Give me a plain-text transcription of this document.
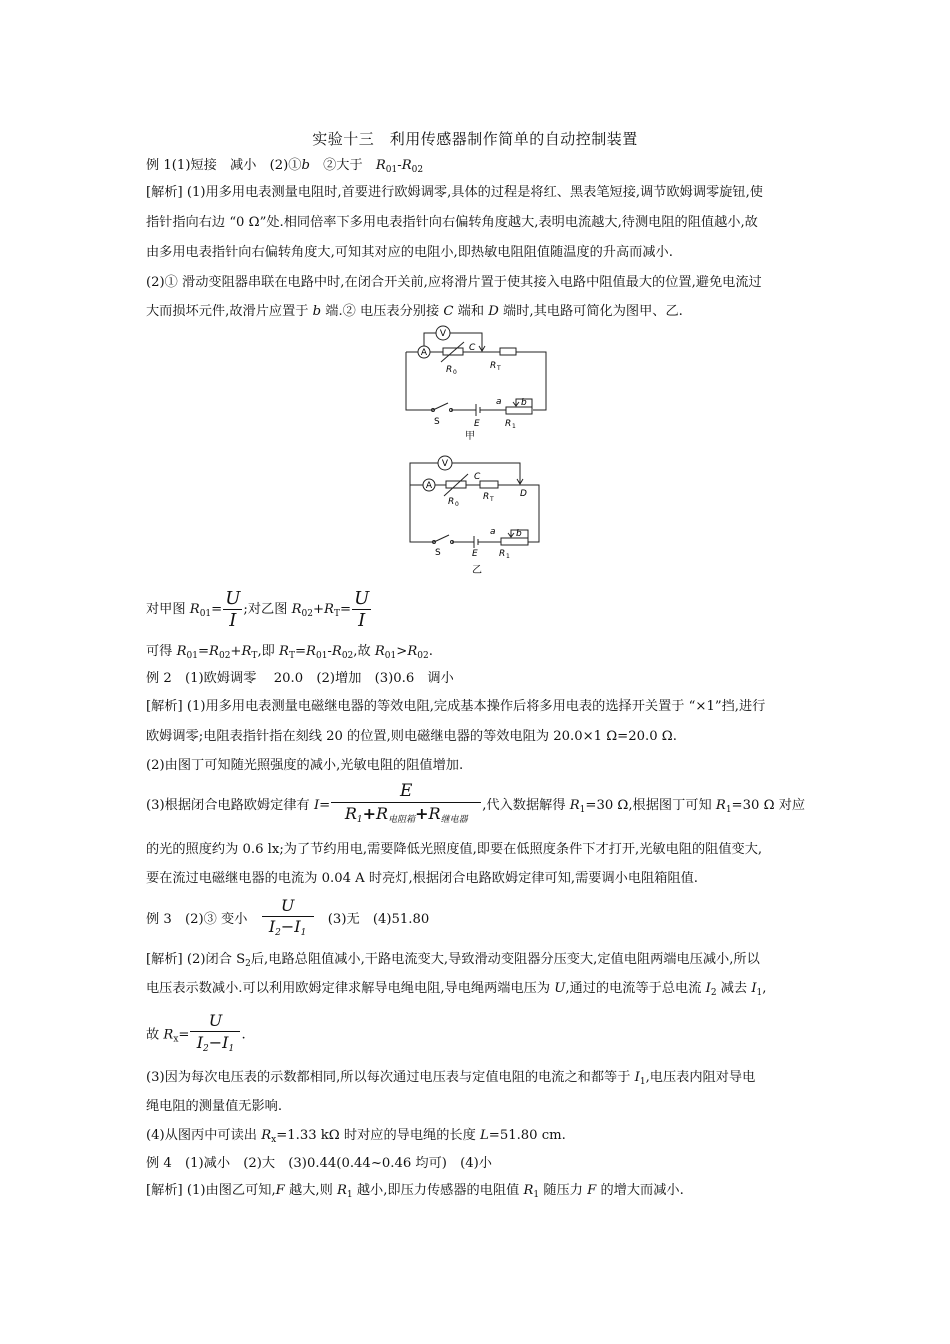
实验十三　利用传感器制作简单的自动控制装置
例 1(1)短接　减小　(2)①b　②大于　$R_{01}-R_{02}$
[解析] (1)用多用电表测量电阻时,首要进行欧姆调零,具体的过程是将红、黑表笔短接,调节欧姆调零旋钮,使
指针指向右边 “0 Ω”处.相同倍率下多用电表指针向右偏转角度越大,表明电流越大,待测电阻的阻值越小,故
由多用电表指针向右偏转角度大,可知其对应的电阻小,即热敏电阻阻值随温度的升高而减小.
(2)① 滑动变阻器串联在电路中时,在闭合开关前,应将滑片置于使其接入电路中阻值最大的位置,避免电流过
大而损坏元件,故滑片应置于 b 端.② 电压表分别接 C 端和 D 端时,其电路可简化为图甲、乙.
A
V
C
R 0
R T
S	E
a b
R 1
甲
A
V
C
R 0
R T
D
S	E
a b
R 1
乙
对甲图 $R_{01}= \frac{U}{I}$ ;对乙图 $R_{02}+R_T= \frac{U}{I}$
可得 $R_{01}=R_{02}+R_T$,即 $R_T=R_{01}-R_{02}$,故 $R_{01}>R_{02}$.
例 2　(1)欧姆调零　 20.0　(2)增加　(3)0.6　调小
[解析] (1)用多用电表测量电磁继电器的等效电阻,完成基本操作后将多用电表的选择开关置于 “×1”挡,进行
欧姆调零;电阻表指针指在刻线 20 的位置,则电磁继电器的等效电阻为 20.0×1 Ω=20.0 Ω.
(2)由图丁可知随光照强度的减小,光敏电阻的阻值增加.
(3)根据闭合电路欧姆定律有 $I= \frac{E}{R_1+R电阻箱+R继电器}$ ,代入数据解得 $R_1=30$ Ω,根据图丁可知 $R_1=30$ Ω 对应
的光的照度约为 0.6 lx;为了节约用电,需要降低光照度值,即要在低照度条件下才打开,光敏电阻的阻值变大,
要在流过电磁继电器的电流为 0.04 A 时亮灯,根据闭合电路欧姆定律可知,需要调小电阻箱阻值.
例 3　(2)③ 变小　 $\frac{U}{I_2-I_1}$ 　(3)无　(4)51.80
[解析] (2)闭合 $S_2$后,电路总阻值减小,干路电流变大,导致滑动变阻器分压变大,定值电阻两端电压减小,所以
电压表示数减小.可以利用欧姆定律求解导电绳电阻,导电绳两端电压为 U,通过的电流等于总电流 $I_2$ 减去 $I_1$,
故 $R_x= \frac{U}{I_2-I_1}$ .
(3)因为每次电压表的示数都相同,所以每次通过电压表与定值电阻的电流之和都等于 $I_1$,电压表内阻对导电
绳电阻的测量值无影响.
(4)从图丙中可读出 $R_x=1.33$ kΩ 时对应的导电绳的长度 L=51.80 cm.
例 4　(1)减小　(2)大　(3)0.44(0.44~0.46 均可)　(4)小
[解析] (1)由图乙可知,F 越大,则 $R_1$ 越小,即压力传感器的电阻值 $R_1$ 随压力 F 的增大而减小.
